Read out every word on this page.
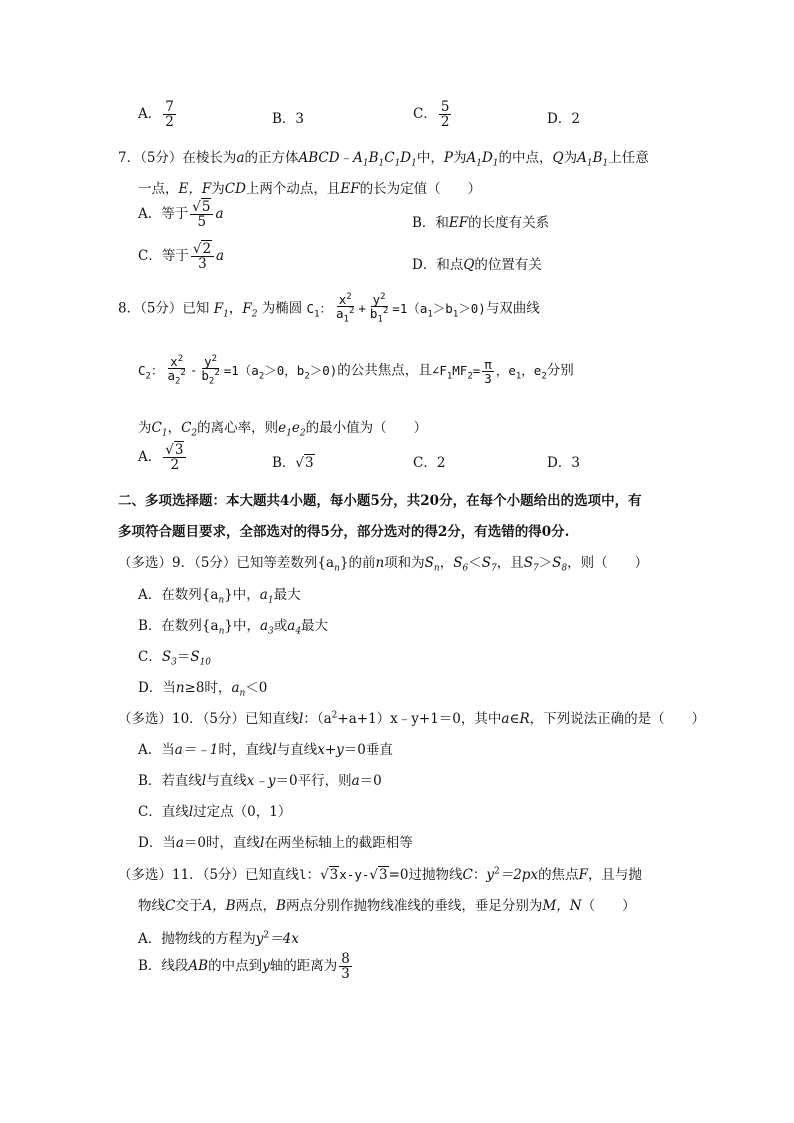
A． $\frac{7}{2}$	B．3	C． $\frac{5}{2}$	D．2
7．（5分）在棱长为a的正方体$ABCD﹣A_1B_1C_1D_1$中，P为$A_1D_1$的中点，Q为$A_1B_1$上任意
一点，E，F为CD上两个动点，且EF的长为定值（　　）
A．等于 $\frac{√5}{5}$ a
B．和EF的长度有关系
C．等于 $\frac{√2}{3}$ a
D．和点Q的位置有关
8．（5分）已知 $F_1$，$F_2$ 为椭圆 $C_1$： $\frac{x^2}{a_1^2} + \frac{y^2}{b_1^2} =1(a_1>b_1>0)$与双曲线
$C_2$： $\frac{x^2}{a_2^2} - \frac{y^2}{b_2^2} =1(a_2>0$，$b_2>0$)的公共焦点，且$\angle F_1MF_2= \frac{\pi}{3}$ ，$e_1$，$e_2$分别
为$C_1$，$C_2$的离心率，则$e_1e_2$的最小值为（　　）
A． $\frac{√3}{2}$	B．√3	C．2	D．3
二、多项选择题：本大题共4小题，每小题5分，共20分，在每个小题给出的选项中，有
多项符合题目要求，全部选对的得5分，部分选对的得2分，有选错的得0分.
（多选）9．（5分）已知等差数列$\{a_n\}$的前n项和为$S_n$，$S_6<S_7$，且$S_7>S_8$，则（　　）
A．在数列$\{a_n\}$中，$a_1$最大
B．在数列$\{a_n\}$中，$a_3$或$a_4$最大
C．$S_3=S_{10}$
D．当n≥8时，$a_n<0$
（多选）10．（5分）已知直线l：$(a^2+a+1)x﹣y+1=0$，其中a∈R，下列说法正确的是（　　）
A．当a＝﹣1时，直线l与直线x+y＝0垂直
B．若直线l与直线x﹣y＝0平行，则a＝0
C．直线l过定点（0，1）
D．当a＝0时，直线l在两坐标轴上的截距相等
（多选）11．（5分）已知直线l：√3x-y-√3=0过抛物线C：$y^2=2px$的焦点F，且与抛
物线C交于A，B两点，B两点分别作抛物线准线的垂线，垂足分别为M，N（　　）
A．抛物线的方程为$y^2=4x$
B．线段AB的中点到y轴的距离为 $\frac{8}{3}$
